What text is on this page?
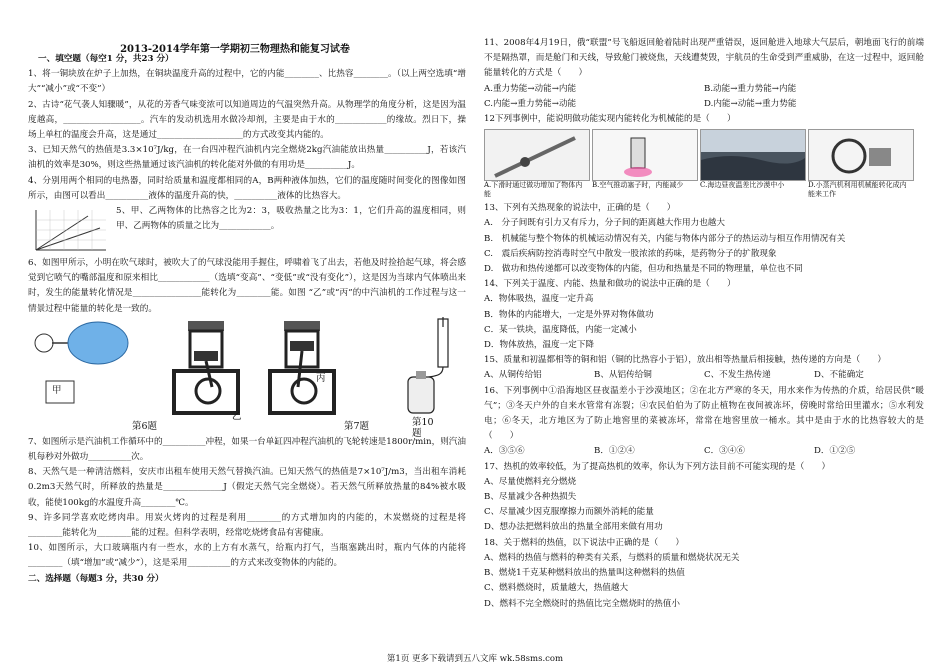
2013-2014学年第一学期初三物理热和能复习试卷

一、填空题（每空1 分，共23 分）

1、将一铜块放在炉子上加热，在铜块温度升高的过程中，它的内能________、比热容________。（以上两空选填“增大”“减小”或“不变”）

2、古诗“花气袭人知骤暖”，从花的芳香气味变浓可以知道周边的气温突然升高。从物理学的角度分析，这是因为温度越高，__________________。汽车的发动机选用水做冷却剂，主要是由于水的____________的缘故。烈日下，操场上单杠的温度会升高，这是通过____________________的方式改变其内能的。

3、已知天然气的热值是3.3×10⁷J/kg，在一台四冲程汽油机内完全燃烧2kg汽油能放出热量__________J，若该汽油机的效率是30%，则这些热量通过该汽油机的转化能对外做的有用功是__________J。

4、分别用两个相同的电热器，同时给质量和温度都相同的A，B两种液体加热，它们的温度随时间变化的图像如图所示，由图可以看出__________液体的温度升高的快，__________液体的比热容大。

5、甲、乙两物体的比热容之比为2：3，吸收热量之比为3：1，它们升高的温度相同，则甲、乙两物体的质量之比为____________。

6、如图甲所示，小明在吹气球时，被吹大了的气球没能用手握住，呼啸着飞了出去，若他及时捡拾起气球，将会感觉到它喷气的嘴部温度和原来相比____________（选填“变高”、“变低”或“没有变化”），这是因为当球内气体喷出来时，发生的能量转化情况是________________能转化为________能。如图 “乙”或“丙”的中汽油机的工作过程与这一情景过程中能量的转化是一致的。

甲
第6题
乙
丙
第7题	第10题

7、如图所示是汽油机工作循环中的__________冲程，如果一台单缸四冲程汽油机的飞轮转速是1800r/min，则汽油机每秒对外做功__________次。

8、天然气是一种清洁燃料，安庆市出租车使用天然气替换汽油。已知天然气的热值是7×10⁷J/m3，当出租车消耗0.2m3天然气时，所释放的热量是______________J（假定天然气完全燃烧）。若天然气所释放热量的84%被水吸收，能使100kg的水温度升高________℃。

9、许多同学喜欢吃烤肉串。用炭火烤肉的过程是利用________的方式增加肉的内能的，木炭燃烧的过程是将________能转化为________能的过程。但科学表明，经常吃烧烤食品有害健康。

10、如图所示，大口玻璃瓶内有一些水，水的上方有水蒸气，给瓶内打气，当瓶塞跳出时，瓶内气体的内能将________（填“增加”或“减少”），这是采用__________的方式来改变物体的内能的。

二、选择题（每题3 分，共30 分）

11、2008年4月19日，俄“联盟”号飞船返回舱着陆时出现严重错误，返回舱进入地球大气层后，朝地面飞行的前端不是隔热罩，而是舱门和天线，导致舱门被烧焦，天线遭焚毁，宇航员的生命受到严重威胁，在这一过程中，返回舱能量转化的方式是（　　）

A.重力势能→动能→内能	B.动能→重力势能→内能
C.内能→重力势能→动能	D.内能→动能→重力势能

12下列事例中，能说明做功能实现内能转化为机械能的是（　　）

A.下滑时通过做功增加了物体内能
B.空气推动塞子时，内能减少	C.海边昼夜温差比沙漠中小	D.小蒸汽机利用机械能转化成内能来工作

13、下列有关热现象的说法中，正确的是（　　）

A.　分子间既有引力又有斥力，分子间的距离越大作用力也越大

B.　机械能与整个物体的机械运动情况有关，内能与物体内部分子的热运动与相互作用情况有关

C.　震后疾病防控消毒时空气中散发一股浓浓的药味，是药物分子的扩散现象

D.　做功和热传递都可以改变物体的内能，但功和热量是不同的物理量，单位也不同

14、下列关于温度、内能、热量和做功的说法中正确的是（　　）

A．物体吸热，温度一定升高

B．物体的内能增大，一定是外界对物体做功

C．某一铁块，温度降低，内能一定减小

D．物体放热，温度一定下降

15、质量和初温都相等的铜和铝（铜的比热容小于铝），放出相等热量后相接触，热传递的方向是（　　）

A、从铜传给铝	B、从铝传给铜	C、不发生热传递	D、不能确定

16、下列事例中①沿海地区昼夜温差小于沙漠地区；②在北方严寒的冬天，用水来作为传热的介质，给居民供“暖气”；③冬天户外的自来水管常有冻裂；④农民伯伯为了防止植物在夜间被冻坏，傍晚时常给田里灌水；⑤水利发电；⑥冬天，北方地区为了防止地窖里的菜被冻坏，常常在地窖里放一桶水。其中是由于水的比热容较大的是（　　）

A．③⑤⑥	B．①②④	C．③④⑥	D．①②⑤

17、热机的效率较低，为了提高热机的效率，你认为下列方法目前不可能实现的是（　　）

A、尽量使燃料充分燃烧

B、尽量减少各种热损失

C、尽量减少因克服摩擦力而额外消耗的能量

D、想办法把燃料放出的热量全部用来做有用功

18、关于燃料的热值，以下说法中正确的是（　　）

A、燃料的热值与燃料的种类有关系，与燃料的质量和燃烧状况无关

B、燃烧1千克某种燃料放出的热量叫这种燃料的热值

C、燃料燃烧时，质量越大，热值越大

D、燃料不完全燃烧时的热值比完全燃烧时的热值小

第1页 更多下载请到五八文库 wk.58sms.com
